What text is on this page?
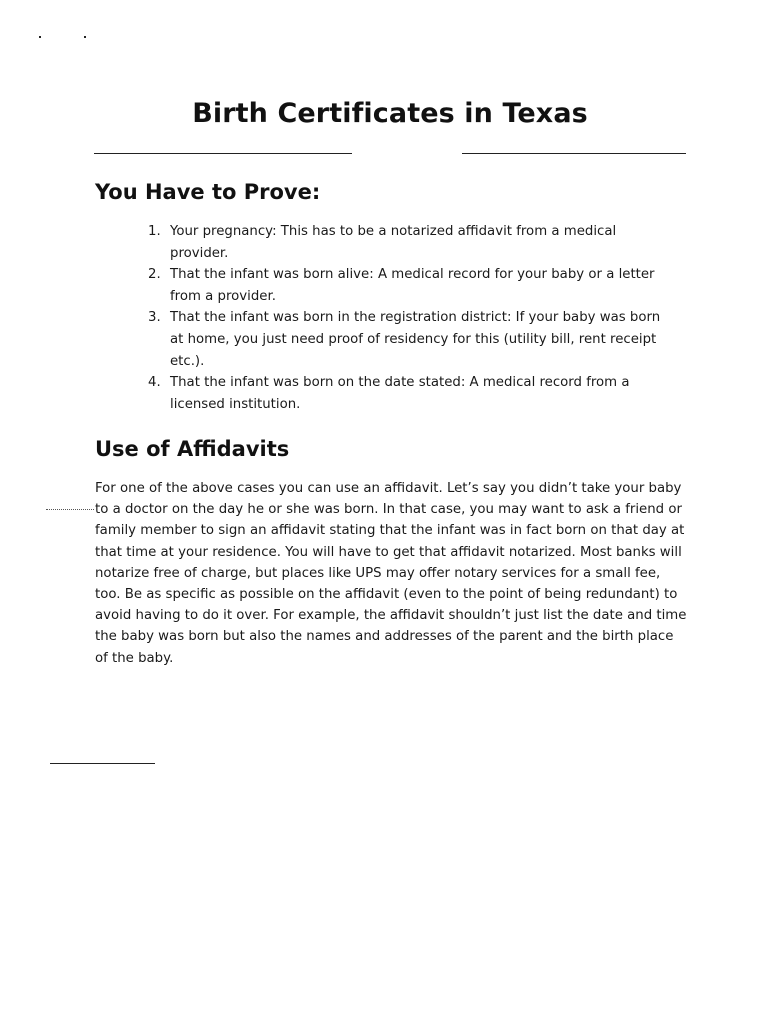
Birth Certificates in Texas
You Have to Prove:
1. Your pregnancy: This has to be a notarized affidavit from a medical provider.
2. That the infant was born alive: A medical record for your baby or a letter from a provider.
3. That the infant was born in the registration district: If your baby was born at home, you just need proof of residency for this (utility bill, rent receipt etc.).
4. That the infant was born on the date stated: A medical record from a licensed institution.
Use of Affidavits

For one of the above cases you can use an affidavit. Let’s say you didn’t take your baby to a doctor on the day he or she was born. In that case, you may want to ask a friend or family member to sign an affidavit stating that the infant was in fact born on that day at that time at your residence. You will have to get that affidavit notarized. Most banks will notarize free of charge, but places like UPS may offer notary services for a small fee, too. Be as specific as possible on the affidavit (even to the point of being redundant) to avoid having to do it over. For example, the affidavit shouldn’t just list the date and time the baby was born but also the names and addresses of the parent and the birth place of the baby.
